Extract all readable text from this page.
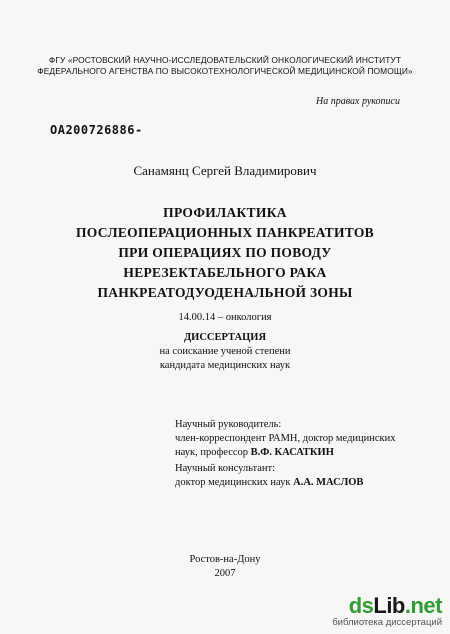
ФГУ «РОСТОВСКИЙ НАУЧНО-ИССЛЕДОВАТЕЛЬСКИЙ ОНКОЛОГИЧЕСКИЙ ИНСТИТУТ
ФЕДЕРАЛЬНОГО АГЕНСТВА ПО ВЫСОКОТЕХНОЛОГИЧЕСКОЙ МЕДИЦИНСКОЙ ПОМОЩИ»
На правах рукописи
ОА200726886-
Санамянц Сергей Владимирович
ПРОФИЛАКТИКА
ПОСЛЕОПЕРАЦИОННЫХ ПАНКРЕАТИТОВ
ПРИ ОПЕРАЦИЯХ ПО ПОВОДУ
НЕРЕЗЕКТАБЕЛЬНОГО РАКА
ПАНКРЕАТОДУОДЕНАЛЬНОЙ ЗОНЫ
14.00.14 – онкология
ДИССЕРТАЦИЯ
на соискание ученой степени
кандидата медицинских наук
Научный руководитель:
член-корреспондент РАМН, доктор медицинских
наук, профессор В.Ф. КАСАТКИН
Научный консультант:
доктор медицинских наук А.А. МАСЛОВ
Ростов-на-Дону
2007
dsLib.net
библиотека диссертаций
